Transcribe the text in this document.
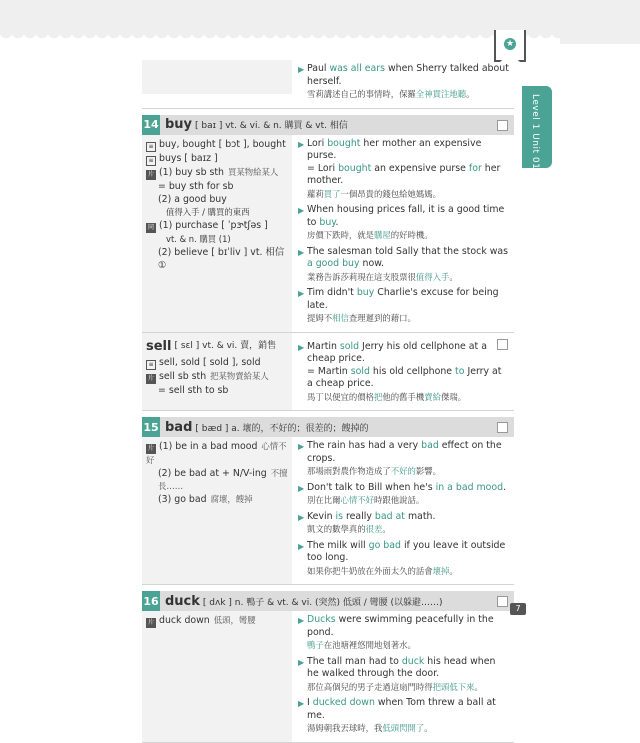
★
Level 1 Unit 01
▶ Paul was all ears when Sherry talked about herself.
雪莉講述自己的事情時，保羅全神貫注地聽。
14 buy [ baɪ ] vt. & vi. & n. 購買 & vt. 相信
≡ buy, bought [ bɔt ], bought
≡ buys [ baɪz ]
片 (1) buy sb sth 買某物給某人
= buy sth for sb
(2) a good buy
值得入手 / 購買的東西
同 (1) purchase [ ˈpɝtʃəs ]
vt. & n. 購買 (1)
(2) believe [ bɪˈliv ] vt. 相信 ①
▶ Lori bought her mother an expensive purse.
= Lori bought an expensive purse for her mother.
蘿莉買了一個昂貴的錢包給她媽媽。
▶ When housing prices fall, it is a good time to buy.
房價下跌時，就是購屋的好時機。
▶ The salesman told Sally that the stock was a good buy now.
業務告訴莎莉現在這支股票很值得入手。
▶ Tim didn't buy Charlie's excuse for being late.
提姆不相信查理遲到的藉口。
sell [ sɛl ] vt. & vi. 賣，銷售
≡ sell, sold [ sold ], sold
片 sell sb sth 把某物賣給某人
= sell sth to sb
▶ Martin sold Jerry his old cellphone at a cheap price.
= Martin sold his old cellphone to Jerry at a cheap price.
馬丁以便宜的價格把他的舊手機賣給傑瑞。
15 bad [ bæd ] a. 壞的，不好的；很差的；餿掉的
片 (1) be in a bad mood 心情不好
(2) be bad at + N/V-ing 不擅長……
(3) go bad 腐壞，餿掉
▶ The rain has had a very bad effect on the crops.
那場雨對農作物造成了不好的影響。
▶ Don't talk to Bill when he's in a bad mood.
別在比爾心情不好時跟他說話。
▶ Kevin is really bad at math.
凱文的數學真的很差。
▶ The milk will go bad if you leave it outside too long.
如果你把牛奶放在外面太久的話會壞掉。
16 duck [ dʌk ] n. 鴨子 & vt. & vi. (突然) 低頭 / 彎腰 (以躲避……)
片 duck down 低頭，彎腰	▶ Ducks were swimming peacefully in the pond.
鴨子在池塘裡悠閒地划著水。
▶ The tall man had to duck his head when he walked through the door.
那位高個兒的男子走過這扇門時得把頭低下來。
▶ I ducked down when Tom threw a ball at me.
湯姆朝我丟球時，我低頭閃開了。
7
